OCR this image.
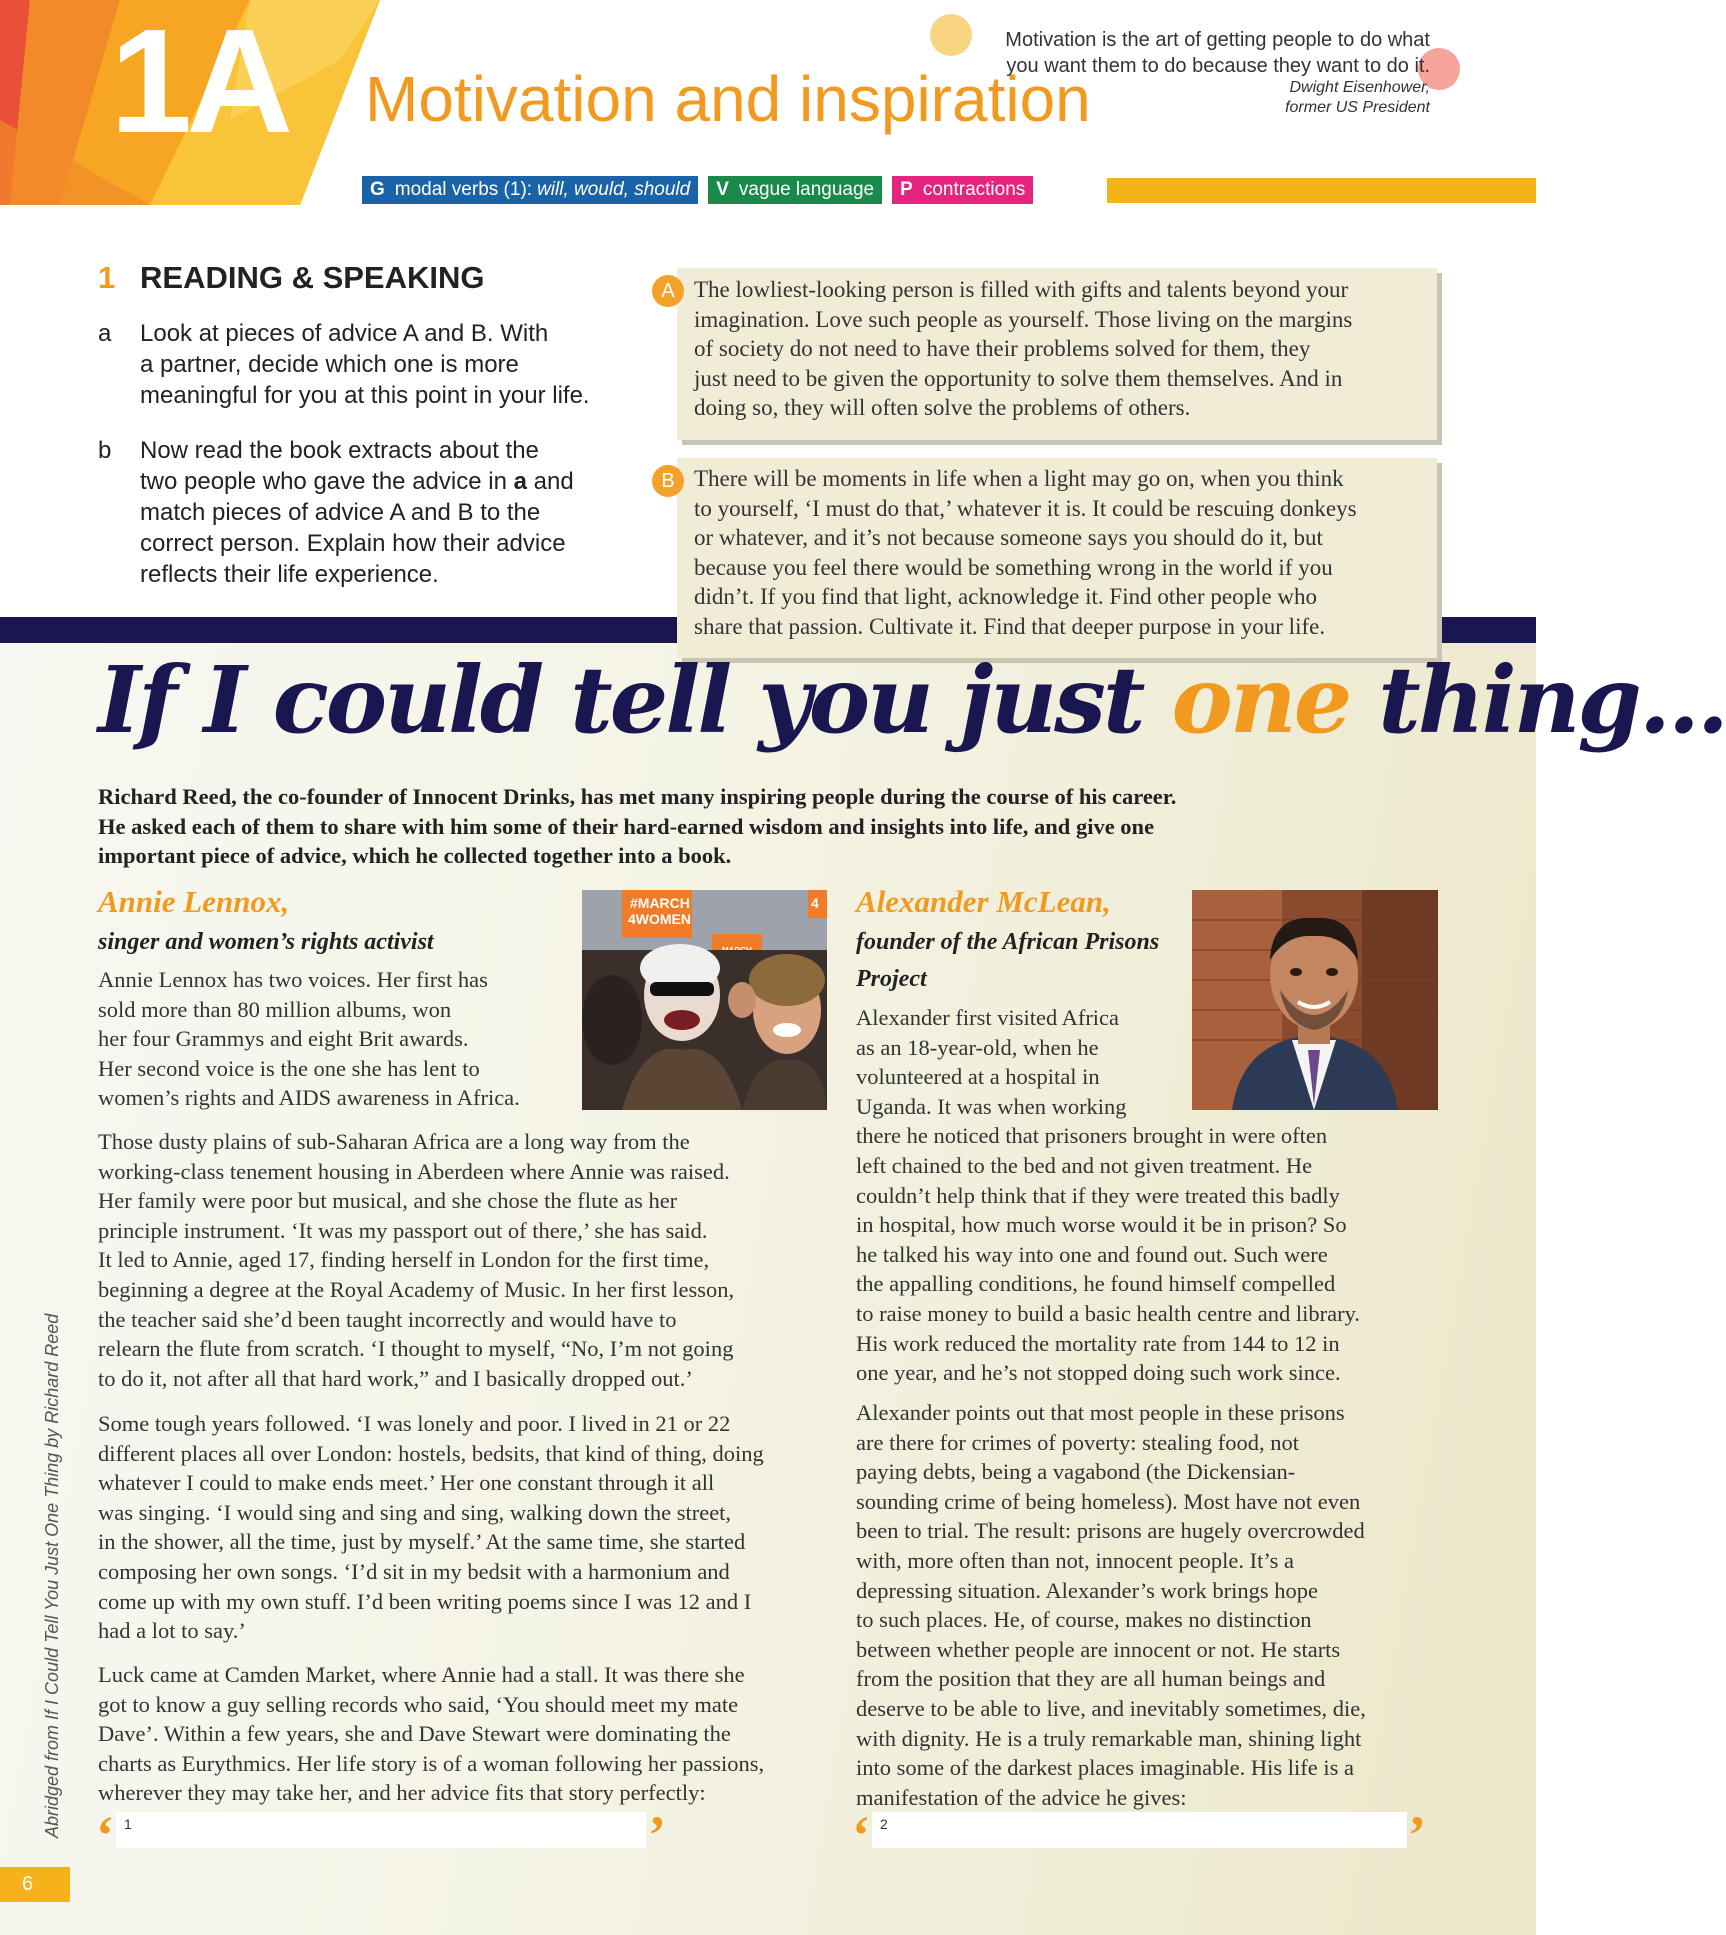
1A Motivation and inspiration
Motivation is the art of getting people to do what
you want them to do because they want to do it.
Dwight Eisenhower,
former US President
G modal verbs (1): will, would, should V vague language P contractions
1 READING & SPEAKING
a Look at pieces of advice A and B. With
a partner, decide which one is more
meaningful for you at this point in your life.
b Now read the book extracts about the
two people who gave the advice in a and
match pieces of advice A and B to the
correct person. Explain how their advice
reflects their life experience.
A The lowliest-looking person is filled with gifts and talents beyond your
imagination. Love such people as yourself. Those living on the margins
of society do not need to have their problems solved for them, they
just need to be given the opportunity to solve them themselves. And in
doing so, they will often solve the problems of others.
B There will be moments in life when a light may go on, when you think
to yourself, ‘I must do that,’ whatever it is. It could be rescuing donkeys
or whatever, and it’s not because someone says you should do it, but
because you feel there would be something wrong in the world if you
didn’t. If you find that light, acknowledge it. Find other people who
share that passion. Cultivate it. Find that deeper purpose in your life.
If I could tell you just one thing...
Richard Reed, the co-founder of Innocent Drinks, has met many inspiring people during the course of his career.
He asked each of them to share with him some of their hard-earned wisdom and insights into life, and give one
important piece of advice, which he collected together into a book.
Annie Lennox,
singer and women’s rights activist
#MARCH
4WOMEN
4
Annie Lennox has two voices. Her first has
sold more than 80 million albums, won
her four Grammys and eight Brit awards.
Her second voice is the one she has lent to
women’s rights and AIDS awareness in Africa.
Those dusty plains of sub-Saharan Africa are a long way from the
working-class tenement housing in Aberdeen where Annie was raised.
Her family were poor but musical, and she chose the flute as her
principle instrument. ‘It was my passport out of there,’ she has said.
It led to Annie, aged 17, finding herself in London for the first time,
beginning a degree at the Royal Academy of Music. In her first lesson,
the teacher said she’d been taught incorrectly and would have to
relearn the flute from scratch. ‘I thought to myself, “No, I’m not going
to do it, not after all that hard work,” and I basically dropped out.’
Some tough years followed. ‘I was lonely and poor. I lived in 21 or 22
different places all over London: hostels, bedsits, that kind of thing, doing
whatever I could to make ends meet.’ Her one constant through it all
was singing. ‘I would sing and sing and sing, walking down the street,
in the shower, all the time, just by myself.’ At the same time, she started
composing her own songs. ‘I’d sit in my bedsit with a harmonium and
come up with my own stuff. I’d been writing poems since I was 12 and I
had a lot to say.’
Luck came at Camden Market, where Annie had a stall. It was there she
got to know a guy selling records who said, ‘You should meet my mate
Dave’. Within a few years, she and Dave Stewart were dominating the
charts as Eurythmics. Her life story is of a woman following her passions,
wherever they may take her, and her advice fits that story perfectly:
‘ 1	’
Alexander McLean,
founder of the African Prisons
Project
Alexander first visited Africa
as an 18-year-old, when he
volunteered at a hospital in
Uganda. It was when working
there he noticed that prisoners brought in were often
left chained to the bed and not given treatment. He
couldn’t help think that if they were treated this badly
in hospital, how much worse would it be in prison? So
he talked his way into one and found out. Such were
the appalling conditions, he found himself compelled
to raise money to build a basic health centre and library.
His work reduced the mortality rate from 144 to 12 in
one year, and he’s not stopped doing such work since.
Alexander points out that most people in these prisons
are there for crimes of poverty: stealing food, not
paying debts, being a vagabond (the Dickensian-
sounding crime of being homeless). Most have not even
been to trial. The result: prisons are hugely overcrowded
with, more often than not, innocent people. It’s a
depressing situation. Alexander’s work brings hope
to such places. He, of course, makes no distinction
between whether people are innocent or not. He starts
from the position that they are all human beings and
deserve to be able to live, and inevitably sometimes, die,
with dignity. He is a truly remarkable man, shining light
into some of the darkest places imaginable. His life is a
manifestation of the advice he gives:
‘ 2	’
Abridged from If I Could Tell You Just One Thing by Richard Reed
6
